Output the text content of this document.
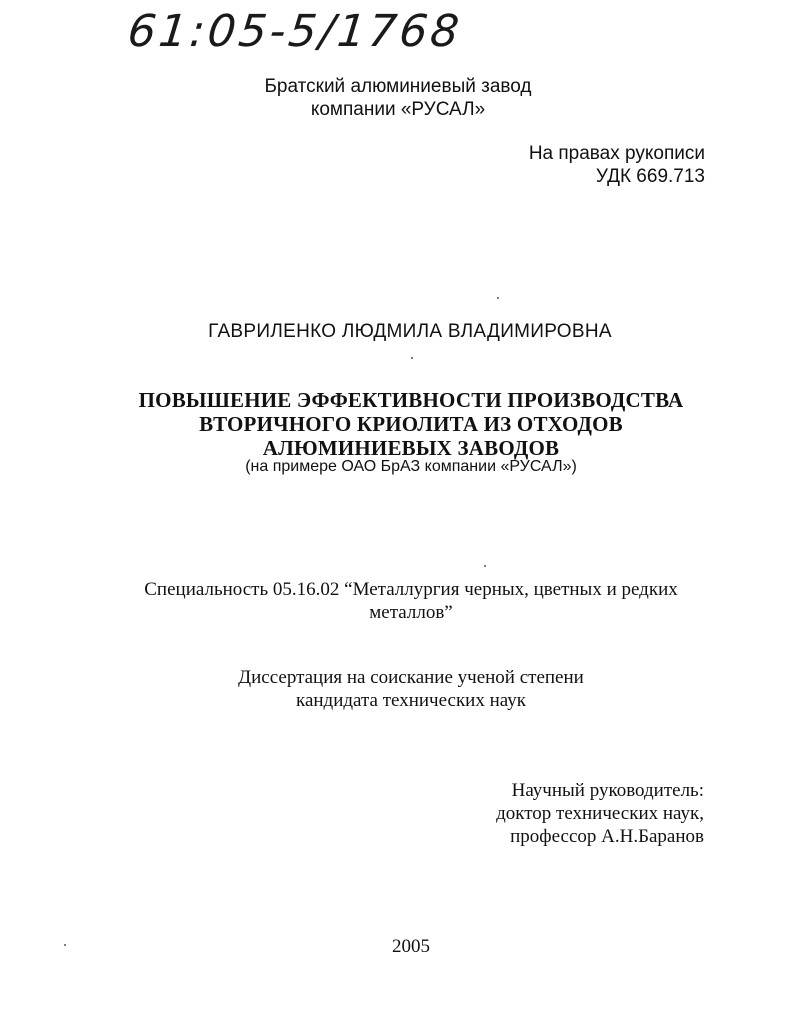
61:05-5/1768
Братский алюминиевый завод
компании «РУСАЛ»
На правах рукописи
УДК 669.713
ГАВРИЛЕНКО ЛЮДМИЛА ВЛАДИМИРОВНА
ПОВЫШЕНИЕ ЭФФЕКТИВНОСТИ ПРОИЗВОДСТВА
ВТОРИЧНОГО КРИОЛИТА ИЗ ОТХОДОВ
АЛЮМИНИЕВЫХ ЗАВОДОВ
(на примере ОАО БрАЗ компании «РУСАЛ»)
Специальность 05.16.02 “Металлургия черных, цветных и редких
металлов”
Диссертация на соискание ученой степени
кандидата технических наук
Научный руководитель:
доктор технических наук,
профессор А.Н.Баранов
2005
